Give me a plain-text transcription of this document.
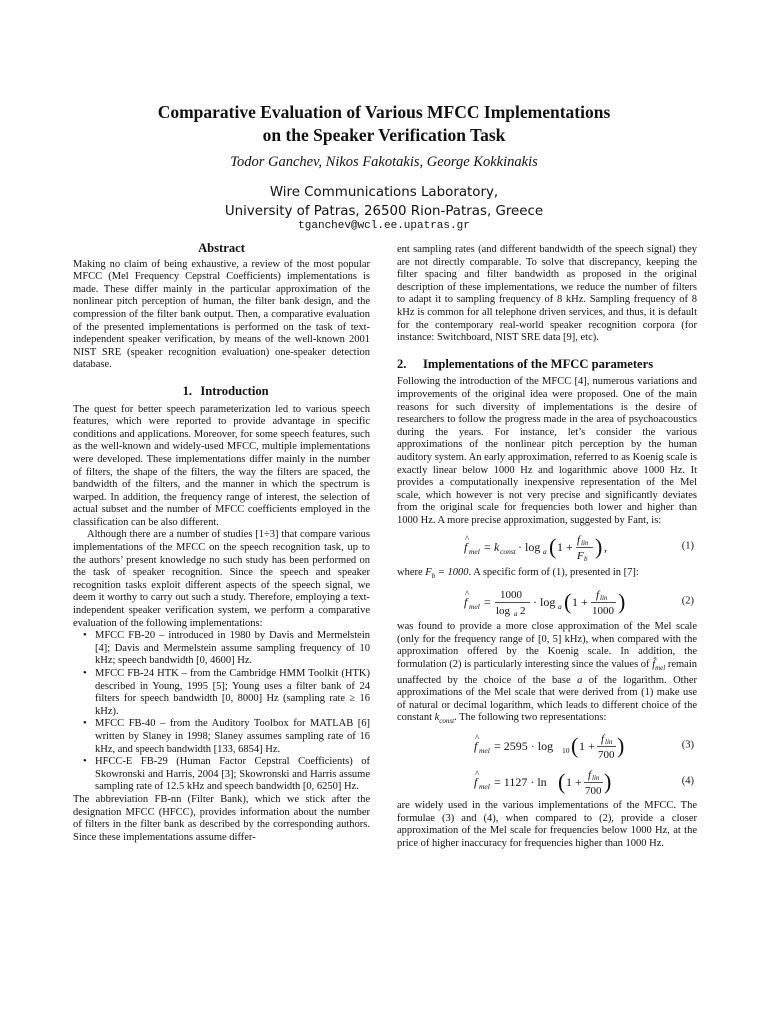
Comparative Evaluation of Various MFCC Implementations
on the Speaker Verification Task
Todor Ganchev, Nikos Fakotakis, George Kokkinakis
Wire Communications Laboratory,
University of Patras, 26500 Rion-Patras, Greece
tganchev@wcl.ee.upatras.gr
Abstract

Making no claim of being exhaustive, a review of the most popular MFCC (Mel Frequency Cepstral Coefficients) implementations is made. These differ mainly in the particular approximation of the nonlinear pitch perception of human, the filter bank design, and the compression of the filter bank output. Then, a comparative evaluation of the presented implementations is performed on the task of text-independent speaker verification, by means of the well-known 2001 NIST SRE (speaker recognition evaluation) one-speaker detection database.

1. Introduction

The quest for better speech parameterization led to various speech features, which were reported to provide advantage in specific conditions and applications. Moreover, for some speech features, such as the well-known and widely-used MFCC, multiple implementations were developed. These implementations differ mainly in the number of filters, the shape of the filters, the way the filters are spaced, the bandwidth of the filters, and the manner in which the spectrum is warped. In addition, the frequency range of interest, the selection of actual subset and the number of MFCC coefficients employed in the classification can be also different.

Although there are a number of studies [1÷3] that compare various implementations of the MFCC on the speech recognition task, up to the authors’ present knowledge no such study has been performed on the task of speaker recognition. Since the speech and speaker recognition tasks exploit different aspects of the speech signal, we deem it worthy to carry out such a study. Therefore, employing a text-independent speaker verification system, we perform a comparative evaluation of the following implementations:

• MFCC FB-20 – introduced in 1980 by Davis and Mermelstein [4]; Davis and Mermelstein assume sampling frequency of 10 kHz; speech bandwidth [0, 4600] Hz.
• MFCC FB-24 HTK – from the Cambridge HMM Toolkit (HTK) described in Young, 1995 [5]; Young uses a filter bank of 24 filters for speech bandwidth [0, 8000] Hz (sampling rate ≥ 16 kHz).
• MFCC FB-40 – from the Auditory Toolbox for MATLAB [6] written by Slaney in 1998; Slaney assumes sampling rate of 16 kHz, and speech bandwidth [133, 6854] Hz.
• HFCC-E FB-29 (Human Factor Cepstral Coefficients) of Skowronski and Harris, 2004 [3]; Skowronski and Harris assume sampling rate of 12.5 kHz and speech bandwidth [0, 6250] Hz.

The abbreviation FB-nn (Filter Bank), which we stick after the designation MFCC (HFCC), provides information about the number of filters in the filter bank as described by the corresponding authors. Since these implementations assume differ-

ent sampling rates (and different bandwidth of the speech signal) they are not directly comparable. To solve that discrepancy, keeping the filter spacing and filter bandwidth as proposed in the original description of these implementations, we reduce the number of filters to adapt it to sampling frequency of 8 kHz. Sampling frequency of 8 kHz is common for all telephone driven services, and thus, it is default for the contemporary real-world speaker recognition corpora (for instance: Switchboard, NIST SRE data [9], etc).

2. Implementations of the MFCC parameters

Following the introduction of the MFCC [4], numerous variations and improvements of the original idea were proposed. One of the main reasons for such diversity of implementations is the desire of researchers to follow the progress made in the area of psychoacoustics during the years. For instance, let’s consider the various approximations of the nonlinear pitch perception by the human auditory system. An early approximation, referred to as Koenig scale is exactly linear below 1000 Hz and logarithmic above 1000 Hz. It provides a computationally inexpensive representation of the Mel scale, which however is not very precise and significantly deviates from the original scale for frequencies both lower and higher than 1000 Hz. A more precise approximation, suggested by Fant, is:

f
^
mel = k const · log a ( 1 + f lin
F b ) ,	(1)

where $F_b = 1000$. A specific form of (1), presented in [7]:

f
^
mel = 1000
log a 2
· log a ( 1 + f lin
1000 )	(2)

was found to provide a more close approximation of the Mel scale (only for the frequency range of [0, 5] kHz), when compared with the approximation offered by the Koenig scale. In addition, the formulation (2) is particularly interesting since the values of $f̂_{mel}$ remain unaffected by the choice of the base a of the logarithm. Other approximations of the Mel scale that were derived from (1) make use of natural or decimal logarithm, which leads to different choice of the constant $k_{const}$. The following two representations:

f
^
mel = 2595 · log 10 ( 1 + f lin
700 )	(3)
f
^
mel = 1127 · ln ( 1 + f lin
700 )	(4)

are widely used in the various implementations of the MFCC. The formulae (3) and (4), when compared to (2), provide a closer approximation of the Mel scale for frequencies below 1000 Hz, at the price of higher inaccuracy for frequencies higher than 1000 Hz.
